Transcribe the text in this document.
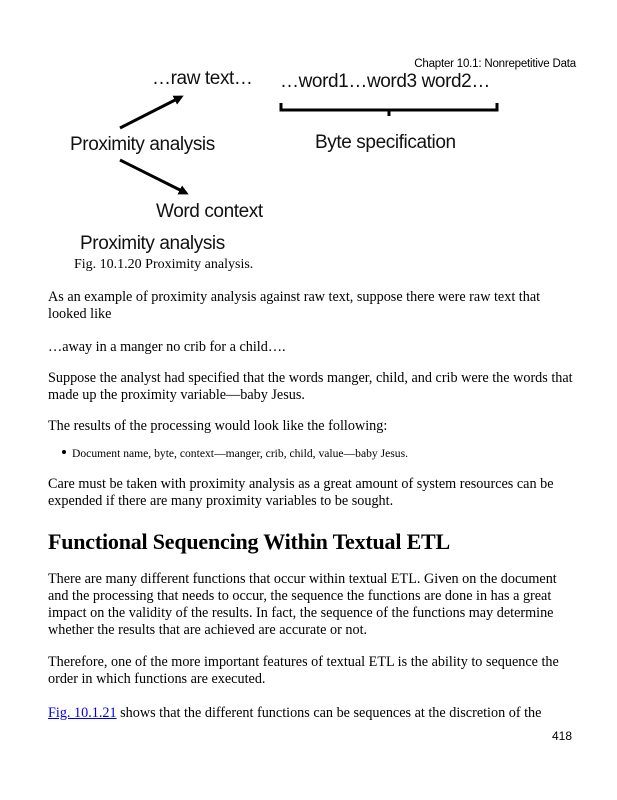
Chapter 10.1: Nonrepetitive Data
…raw text… …word1…word3 word2…
Proximity analysis	Byte specification
Word context
Proximity analysis
Fig. 10.1.20 Proximity analysis.
As an example of proximity analysis against raw text, suppose there were raw text that looked like
…away in a manger no crib for a child….
Suppose the analyst had specified that the words manger, child, and crib were the words that made up the proximity variable—baby Jesus.
The results of the processing would look like the following:
Document name, byte, context—manger, crib, child, value—baby Jesus.
Care must be taken with proximity analysis as a great amount of system resources can be expended if there are many proximity variables to be sought.
Functional Sequencing Within Textual ETL
There are many different functions that occur within textual ETL. Given on the document and the processing that needs to occur, the sequence the functions are done in has a great impact on the validity of the results. In fact, the sequence of the functions may determine whether the results that are achieved are accurate or not.
Therefore, one of the more important features of textual ETL is the ability to sequence the order in which functions are executed.
Fig. 10.1.21 shows that the different functions can be sequences at the discretion of the
418
